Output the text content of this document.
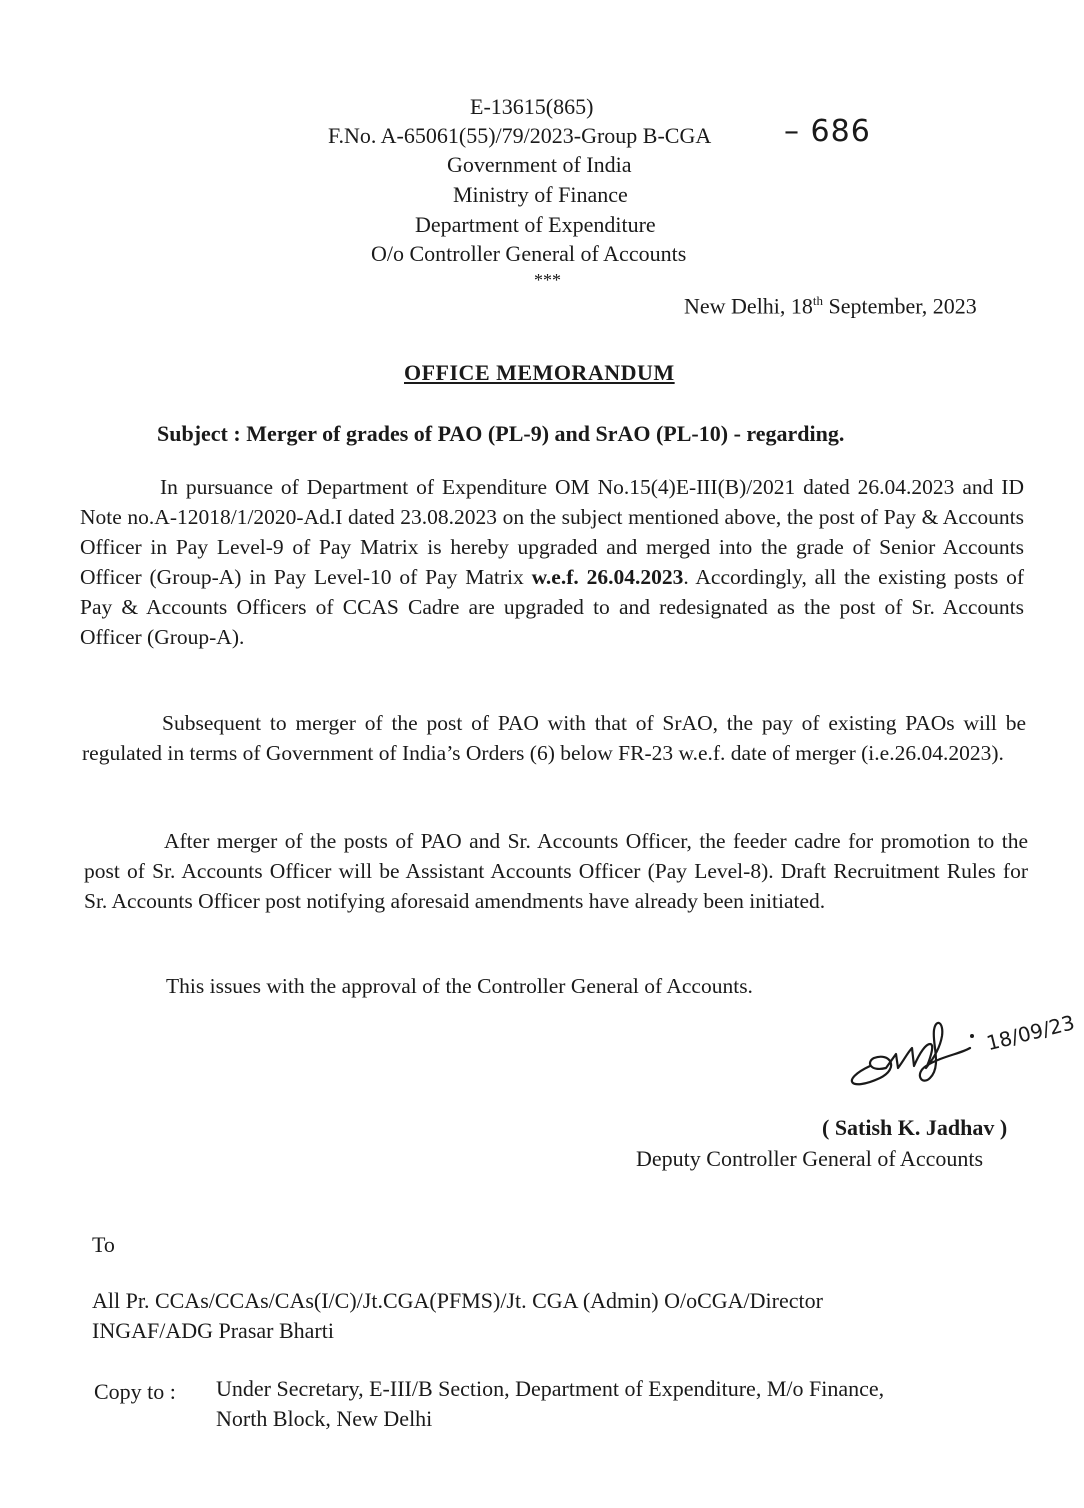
E-13615(865)
F.No. A-65061(55)/79/2023-Group B-CGA – 686
Government of India
Ministry of Finance
Department of Expenditure
O/o Controller General of Accounts
***
New Delhi, 18th September, 2023
OFFICE MEMORANDUM
Subject : Merger of grades of PAO (PL-9) and SrAO (PL-10) - regarding.
In pursuance of Department of Expenditure OM No.15(4)E-III(B)/2021 dated 26.04.2023 and ID Note no.A-12018/1/2020-Ad.I dated 23.08.2023 on the subject mentioned above, the post of Pay & Accounts Officer in Pay Level-9 of Pay Matrix is hereby upgraded and merged into the grade of Senior Accounts Officer (Group-A) in Pay Level-10 of Pay Matrix w.e.f. 26.04.2023. Accordingly, all the existing posts of Pay & Accounts Officers of CCAS Cadre are upgraded to and redesignated as the post of Sr. Accounts Officer (Group-A).
Subsequent to merger of the post of PAO with that of SrAO, the pay of existing PAOs will be regulated in terms of Government of India’s Orders (6) below FR-23 w.e.f. date of merger (i.e.26.04.2023).
After merger of the posts of PAO and Sr. Accounts Officer, the feeder cadre for promotion to the post of Sr. Accounts Officer will be Assistant Accounts Officer (Pay Level-8). Draft Recruitment Rules for Sr. Accounts Officer post notifying aforesaid amendments have already been initiated.
This issues with the approval of the Controller General of Accounts.
18/09/23
( Satish K. Jadhav )
Deputy Controller General of Accounts
To
All Pr. CCAs/CCAs/CAs(I/C)/Jt.CGA(PFMS)/Jt. CGA (Admin) O/oCGA/Director
INGAF/ADG Prasar Bharti
Copy to : Under Secretary, E-III/B Section, Department of Expenditure, M/o Finance,
North Block, New Delhi
